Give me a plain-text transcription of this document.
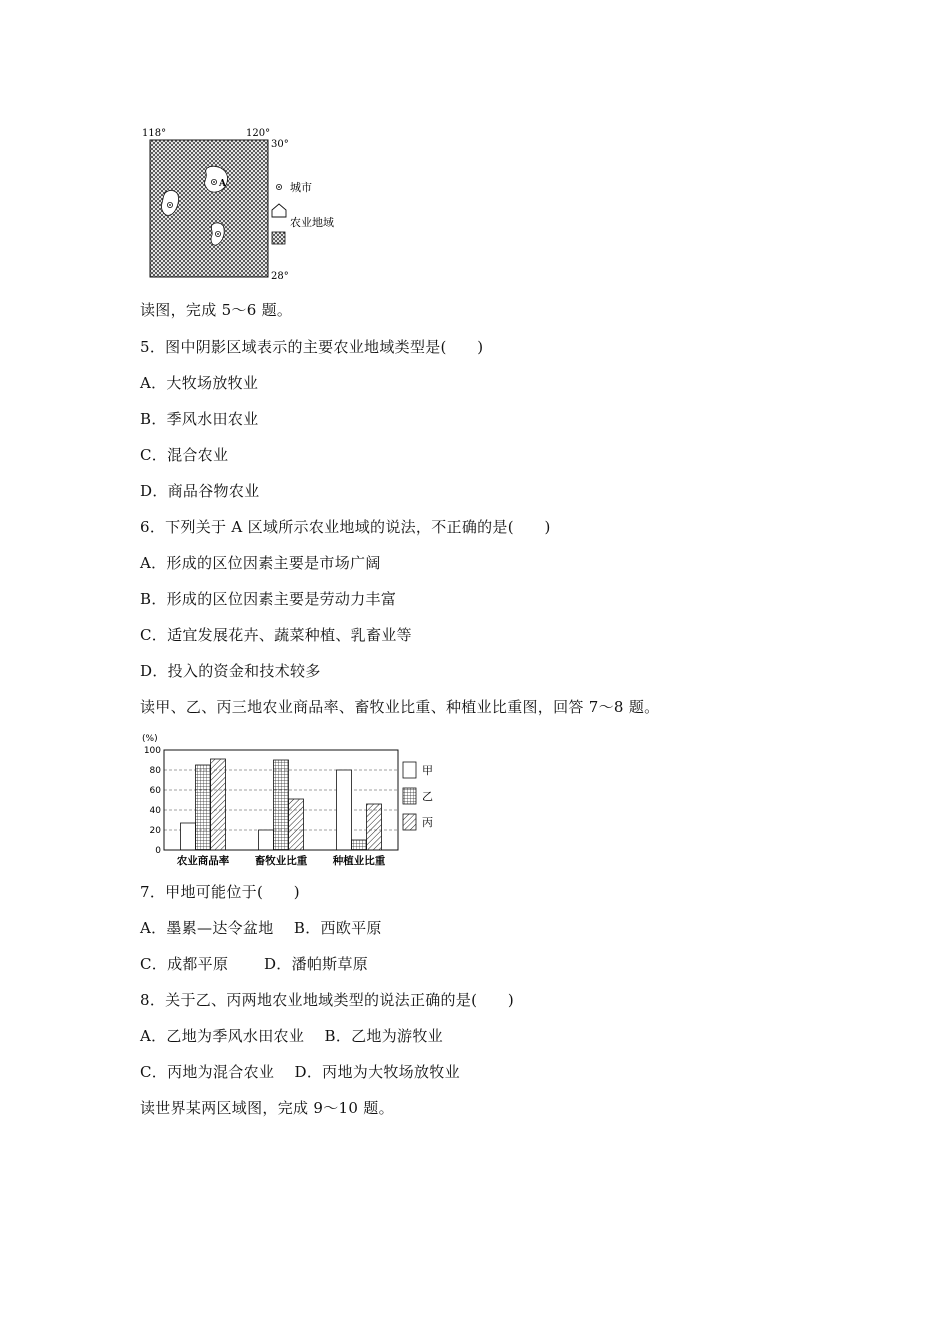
118°	120°
30°
28°
A	城市
农业地域
读图，完成 5～6 题。
5．图中阴影区域表示的主要农业地域类型是(　　)
A．大牧场放牧业
B．季风水田农业
C．混合农业
D．商品谷物农业
6．下列关于 A 区域所示农业地域的说法，不正确的是(　　)
A．形成的区位因素主要是市场广阔
B．形成的区位因素主要是劳动力丰富
C．适宜发展花卉、蔬菜种植、乳畜业等
D．投入的资金和技术较多
读甲、乙、丙三地农业商品率、畜牧业比重、种植业比重图，回答 7～8 题。
0
20
40
60
80
100
农业商品率 畜牧业比重 种植业比重
甲
乙
丙
(%)
7．甲地可能位于(　　)
A．墨累—达令盆地　 B．西欧平原
C．成都平原　　 D．潘帕斯草原
8．关于乙、丙两地农业地域类型的说法正确的是(　　)
A．乙地为季风水田农业　 B．乙地为游牧业
C．丙地为混合农业　 D．丙地为大牧场放牧业
读世界某两区域图，完成 9～10 题。
